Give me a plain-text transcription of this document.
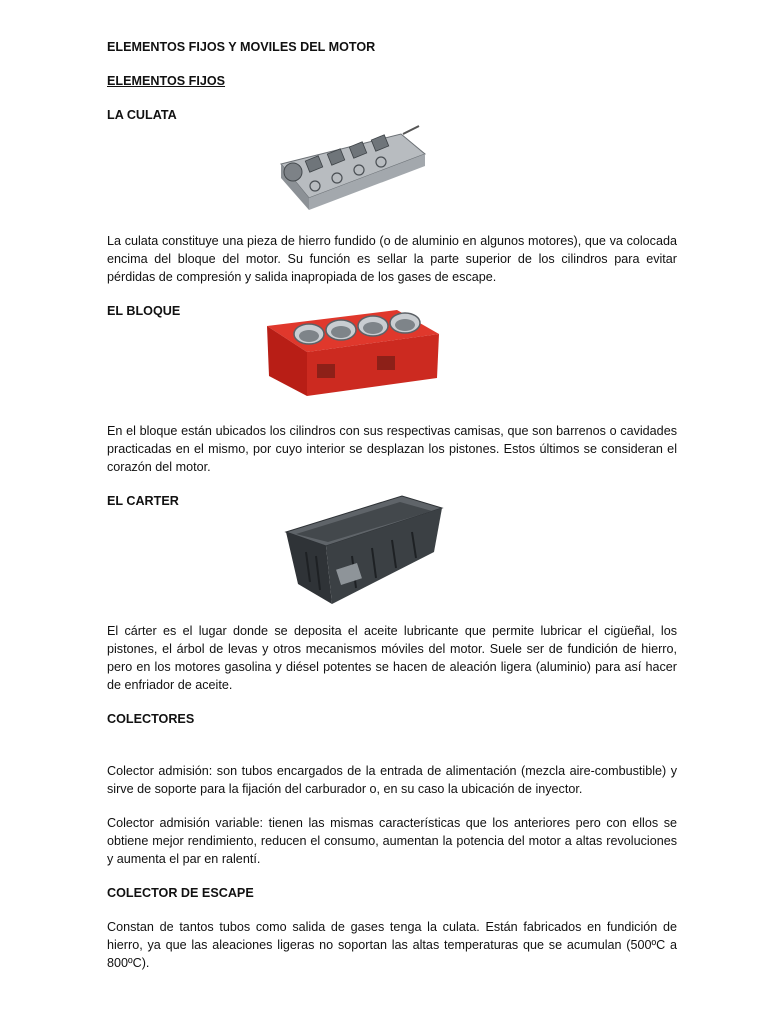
ELEMENTOS FIJOS Y MOVILES DEL MOTOR

ELEMENTOS FIJOS

LA CULATA

La culata constituye una pieza de hierro fundido (o de aluminio en algunos motores), que va colocada encima del bloque del motor. Su función es sellar la parte superior de los cilindros para evitar pérdidas de compresión y salida inapropiada de los gases de escape.

EL BLOQUE

En el bloque están ubicados los cilindros con sus respectivas camisas, que son barrenos o cavidades practicadas en el mismo, por cuyo interior se desplazan los pistones. Estos últimos se consideran el corazón del motor.

EL CARTER

El cárter es el lugar donde se deposita el aceite lubricante que permite lubricar el cigüeñal, los pistones, el árbol de levas y otros mecanismos móviles del motor. Suele ser de fundición de hierro, pero en los motores gasolina y diésel potentes se hacen de aleación ligera (aluminio) para así hacer de enfriador de aceite.

COLECTORES

Colector admisión: son tubos encargados de la entrada de alimentación (mezcla aire-combustible) y sirve de soporte para la fijación del carburador o, en su caso la ubicación de inyector.

Colector admisión variable: tienen las mismas características que los anteriores pero con ellos se obtiene mejor rendimiento, reducen el consumo, aumentan la potencia del motor a altas revoluciones y aumenta el par en ralentí.

COLECTOR DE ESCAPE

Constan de tantos tubos como salida de gases tenga la culata. Están fabricados en fundición de hierro, ya que las aleaciones ligeras no soportan las altas temperaturas que se acumulan (500ºC a 800ºC).
